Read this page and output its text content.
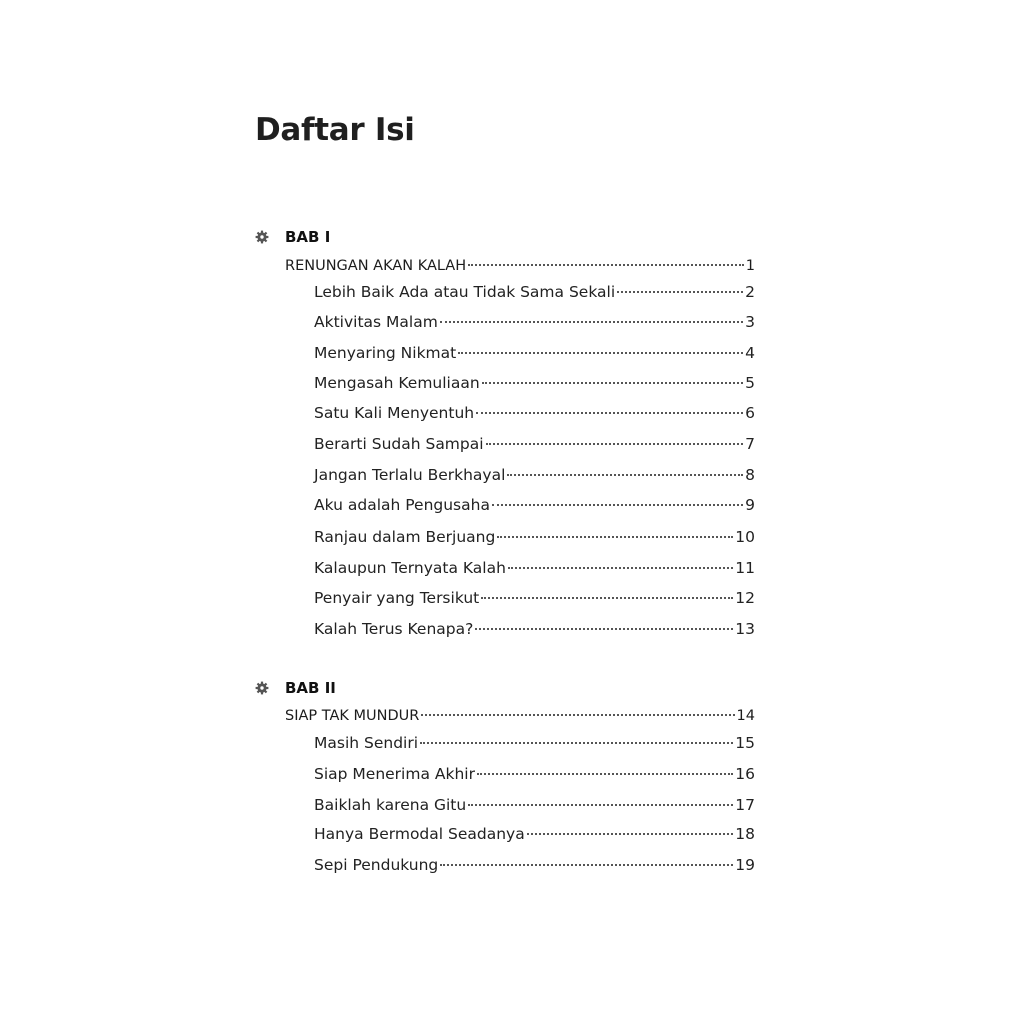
Daftar Isi
BAB I
RENUNGAN AKAN KALAH	1
Lebih Baik Ada atau Tidak Sama Sekali	2
Aktivitas Malam	3
Menyaring Nikmat	4
Mengasah Kemuliaan	5
Satu Kali Menyentuh	6
Berarti Sudah Sampai	7
Jangan Terlalu Berkhayal	8
Aku adalah Pengusaha	9
Ranjau dalam Berjuang	10
Kalaupun Ternyata Kalah	11
Penyair yang Tersikut	12
Kalah Terus Kenapa?	13
BAB II
SIAP TAK MUNDUR	14
Masih Sendiri	15
Siap Menerima Akhir	16
Baiklah karena Gitu	17
Hanya Bermodal Seadanya	18
Sepi Pendukung	19
